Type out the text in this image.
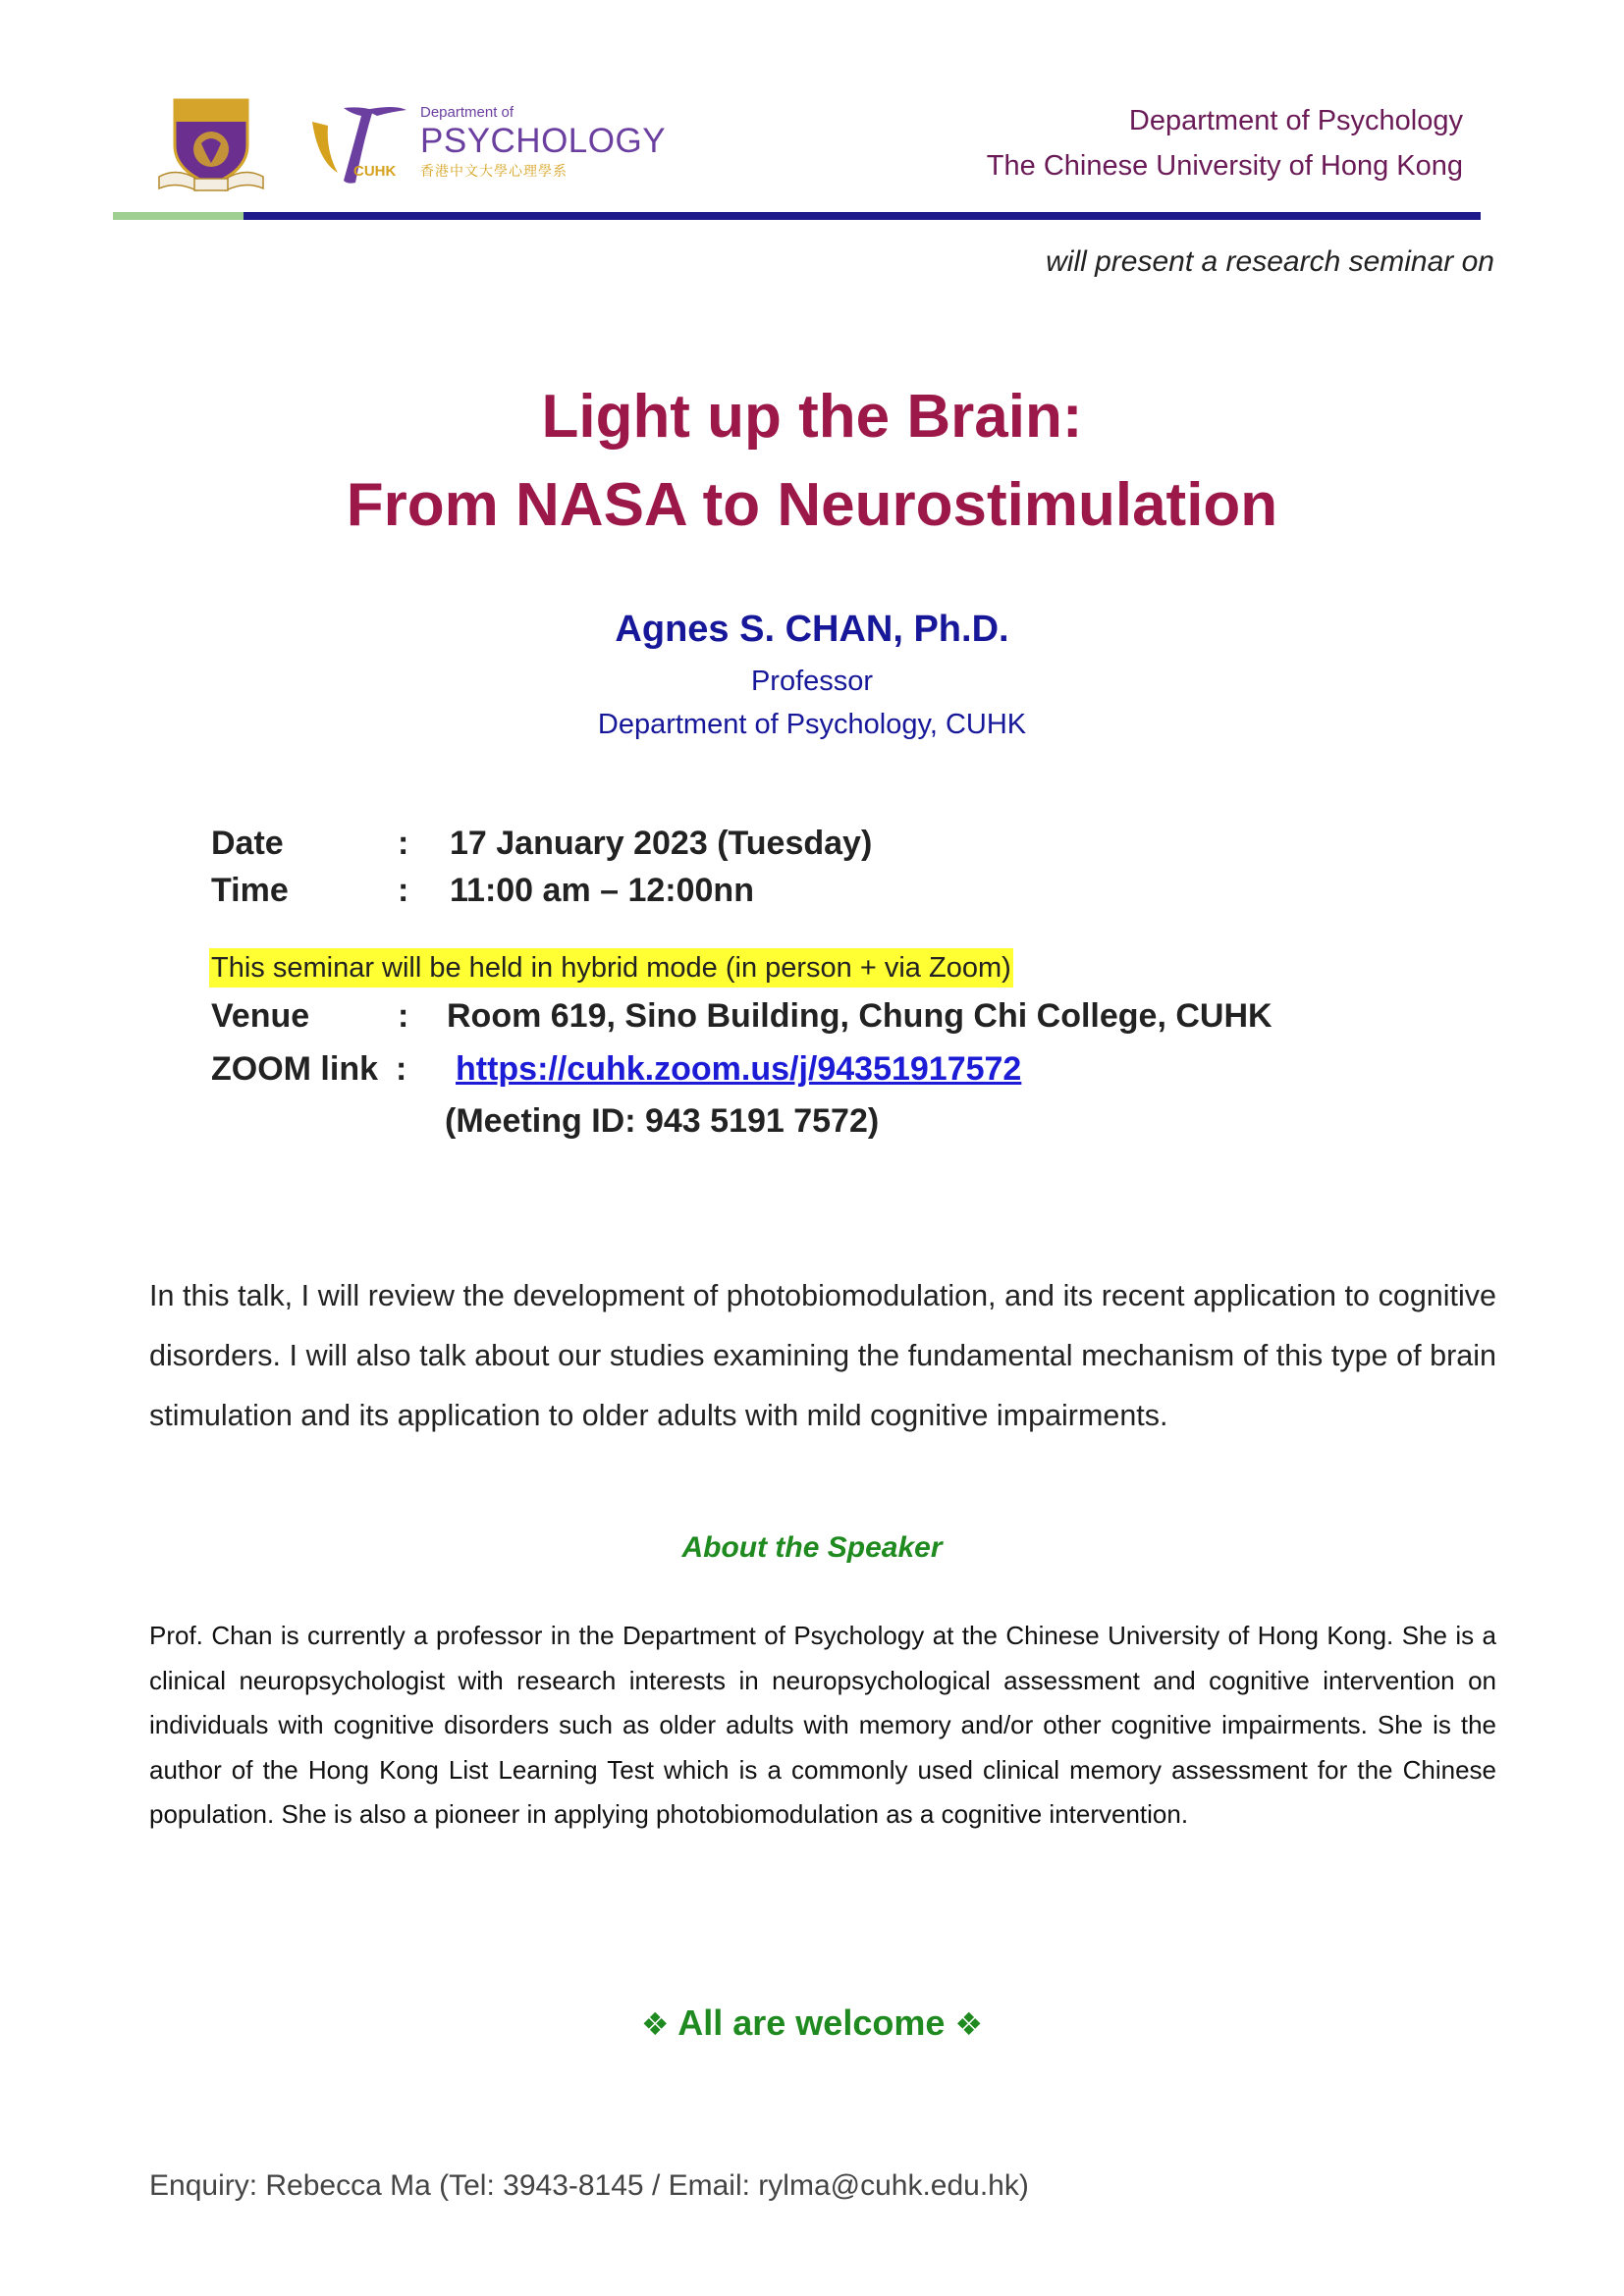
CUHK
Department of
PSYCHOLOGY
香港中文大學心理學系
Department of Psychology
The Chinese University of Hong Kong
will present a research seminar on
Light up the Brain:
From NASA to Neurostimulation
Agnes S. CHAN, Ph.D.
Professor
Department of Psychology, CUHK
Date	: 17 January 2023 (Tuesday)
Time	: 11:00 am – 12:00nn
This seminar will be held in hybrid mode (in person + via Zoom)
Venue	: Room 619, Sino Building, Chung Chi College, CUHK
ZOOM link : https://cuhk.zoom.us/j/94351917572
(Meeting ID: 943 5191 7572)
In this talk, I will review the development of photobiomodulation, and its recent application to cognitive disorders. I will also talk about our studies examining the fundamental mechanism of this type of brain stimulation and its application to older adults with mild cognitive impairments.
About the Speaker
Prof. Chan is currently a professor in the Department of Psychology at the Chinese University of Hong Kong. She is a clinical neuropsychologist with research interests in neuropsychological assessment and cognitive intervention on individuals with cognitive disorders such as older adults with memory and/or other cognitive impairments. She is the author of the Hong Kong List Learning Test which is a commonly used clinical memory assessment for the Chinese population. She is also a pioneer in applying photobiomodulation as a cognitive intervention.
❖ All are welcome ❖
Enquiry: Rebecca Ma (Tel: 3943-8145 / Email: rylma@cuhk.edu.hk)
